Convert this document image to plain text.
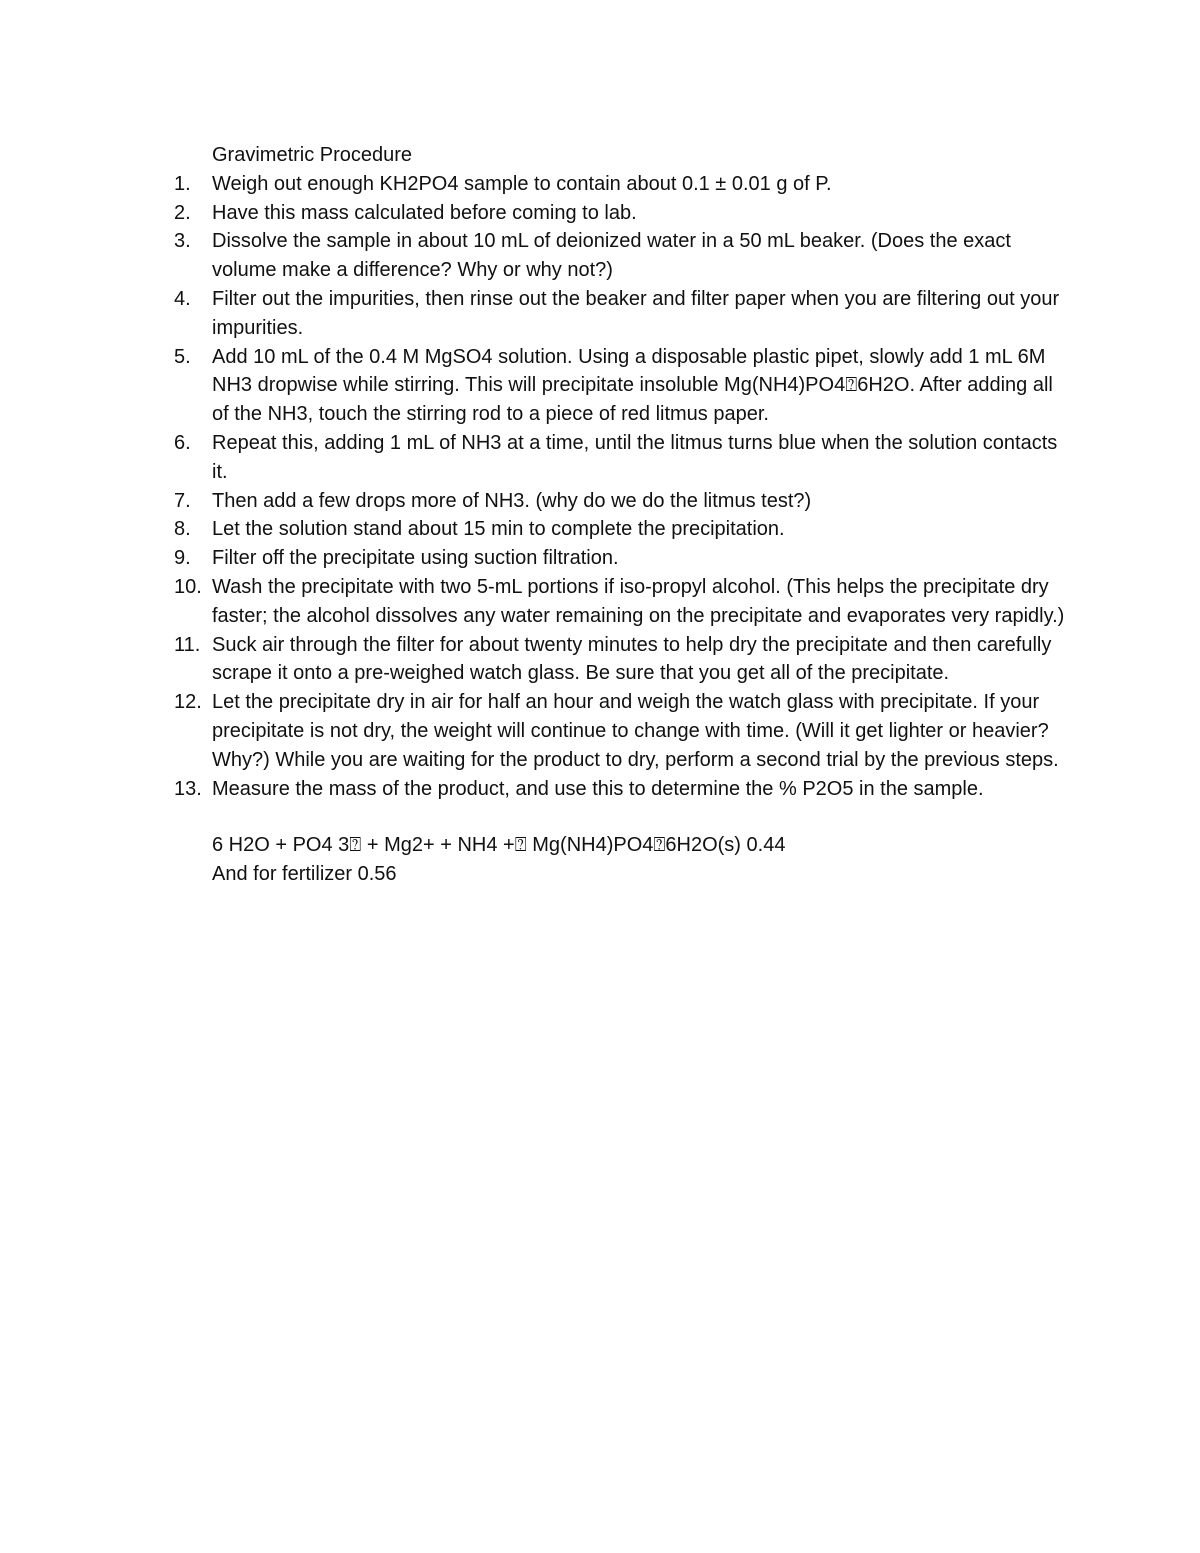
Gravimetric Procedure

1.	Weigh out enough KH2PO4 sample to contain about 0.1 ± 0.01 g of P.
2.	Have this mass calculated before coming to lab.
3.	Dissolve the sample in about 10 mL of deionized water in a 50 mL beaker. (Does the exact volume make a difference? Why or why not?)
4.	Filter out the impurities, then rinse out the beaker and filter paper when you are filtering out your impurities.
5.	Add 10 mL of the 0.4 M MgSO4 solution. Using a disposable plastic pipet, slowly add 1 mL 6M NH3 dropwise while stirring. This will precipitate insoluble Mg(NH4)PO4⍰6H2O. After adding all of the NH3, touch the stirring rod to a piece of red litmus paper.
6.	Repeat this, adding 1 mL of NH3 at a time, until the litmus turns blue when the solution contacts it.
7.	Then add a few drops more of NH3. (why do we do the litmus test?)
8.	Let the solution stand about 15 min to complete the precipitation.
9.	Filter off the precipitate using suction filtration.
10. Wash the precipitate with two 5-mL portions if iso-propyl alcohol. (This helps the precipitate dry faster; the alcohol dissolves any water remaining on the precipitate and evaporates very rapidly.)
11. Suck air through the filter for about twenty minutes to help dry the precipitate and then carefully scrape it onto a pre-weighed watch glass. Be sure that you get all of the precipitate.
12. Let the precipitate dry in air for half an hour and weigh the watch glass with precipitate. If your precipitate is not dry, the weight will continue to change with time. (Will it get lighter or heavier? Why?) While you are waiting for the product to dry, perform a second trial by the previous steps.
13. Measure the mass of the product, and use this to determine the % P2O5 in the sample.
6 H2O + PO4 3⍰ + Mg2+ + NH4 +⍰ Mg(NH4)PO4⍰6H2O(s) 0.44
And for fertilizer 0.56
